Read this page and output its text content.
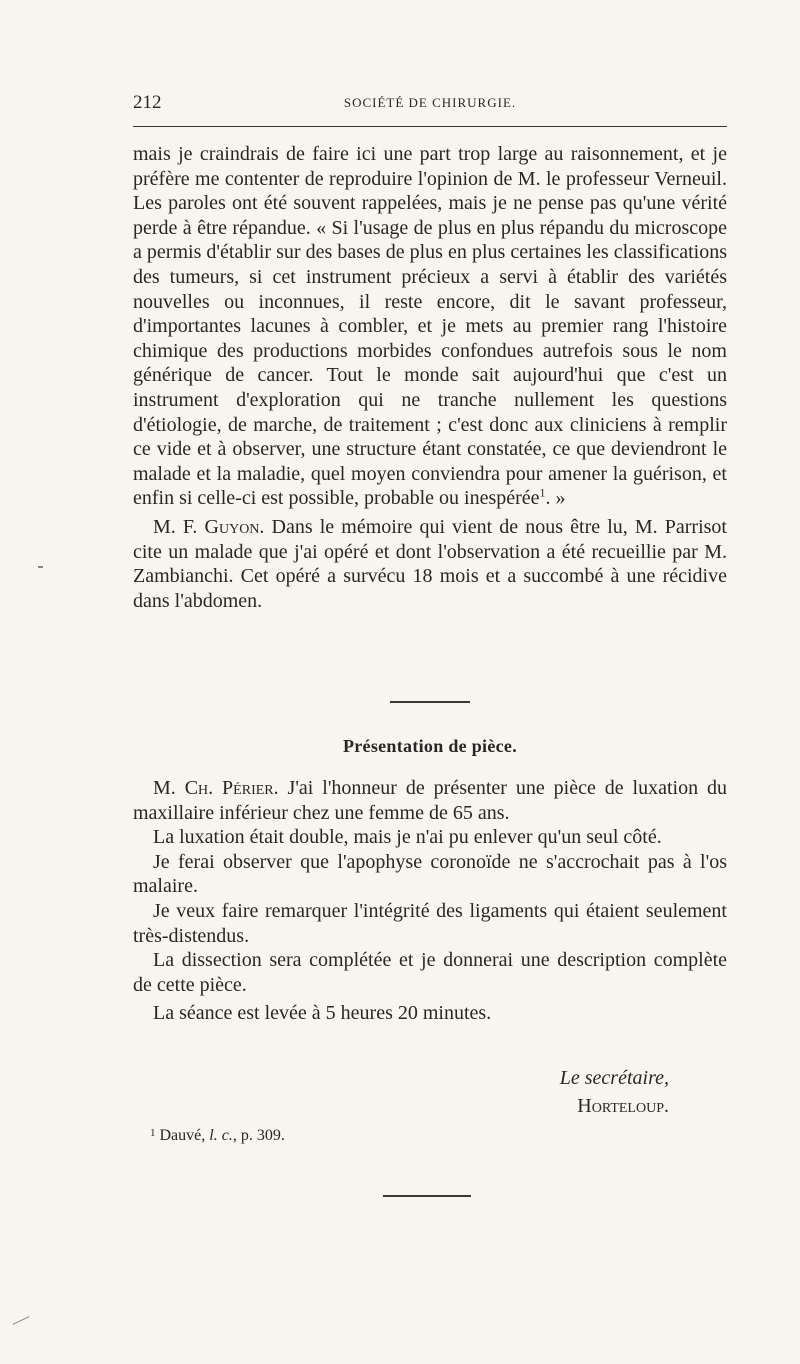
212	SOCIÉTÉ DE CHIRURGIE.

mais je craindrais de faire ici une part trop large au raisonnement, et je préfère me contenter de reproduire l'opinion de M. le professeur Verneuil. Les paroles ont été souvent rappelées, mais je ne pense pas qu'une vérité perde à être répandue. « Si l'usage de plus en plus répandu du microscope a permis d'établir sur des bases de plus en plus certaines les classifications des tumeurs, si cet instrument précieux a servi à établir des variétés nouvelles ou inconnues, il reste encore, dit le savant professeur, d'importantes lacunes à combler, et je mets au premier rang l'histoire chimique des productions morbides confondues autrefois sous le nom générique de cancer. Tout le monde sait aujourd'hui que c'est un instrument d'exploration qui ne tranche nullement les questions d'étiologie, de marche, de traitement ; c'est donc aux cliniciens à remplir ce vide et à observer, une structure étant constatée, ce que deviendront le malade et la maladie, quel moyen conviendra pour amener la guérison, et enfin si celle-ci est possible, probable ou inespérée$^1$. »

M. F. Guyon. Dans le mémoire qui vient de nous être lu, M. Parrisot cite un malade que j'ai opéré et dont l'observation a été recueillie par M. Zambianchi. Cet opéré a survécu 18 mois et a succombé à une récidive dans l'abdomen.

Présentation de pièce.

M. Ch. Périer. J'ai l'honneur de présenter une pièce de luxation du maxillaire inférieur chez une femme de 65 ans.

La luxation était double, mais je n'ai pu enlever qu'un seul côté.

Je ferai observer que l'apophyse coronoïde ne s'accrochait pas à l'os malaire.

Je veux faire remarquer l'intégrité des ligaments qui étaient seulement très-distendus.

La dissection sera complétée et je donnerai une description complète de cette pièce.

La séance est levée à 5 heures 20 minutes.

Le secrétaire,
Horteloup.
$^1$ Dauvé, l. c., p. 309.
